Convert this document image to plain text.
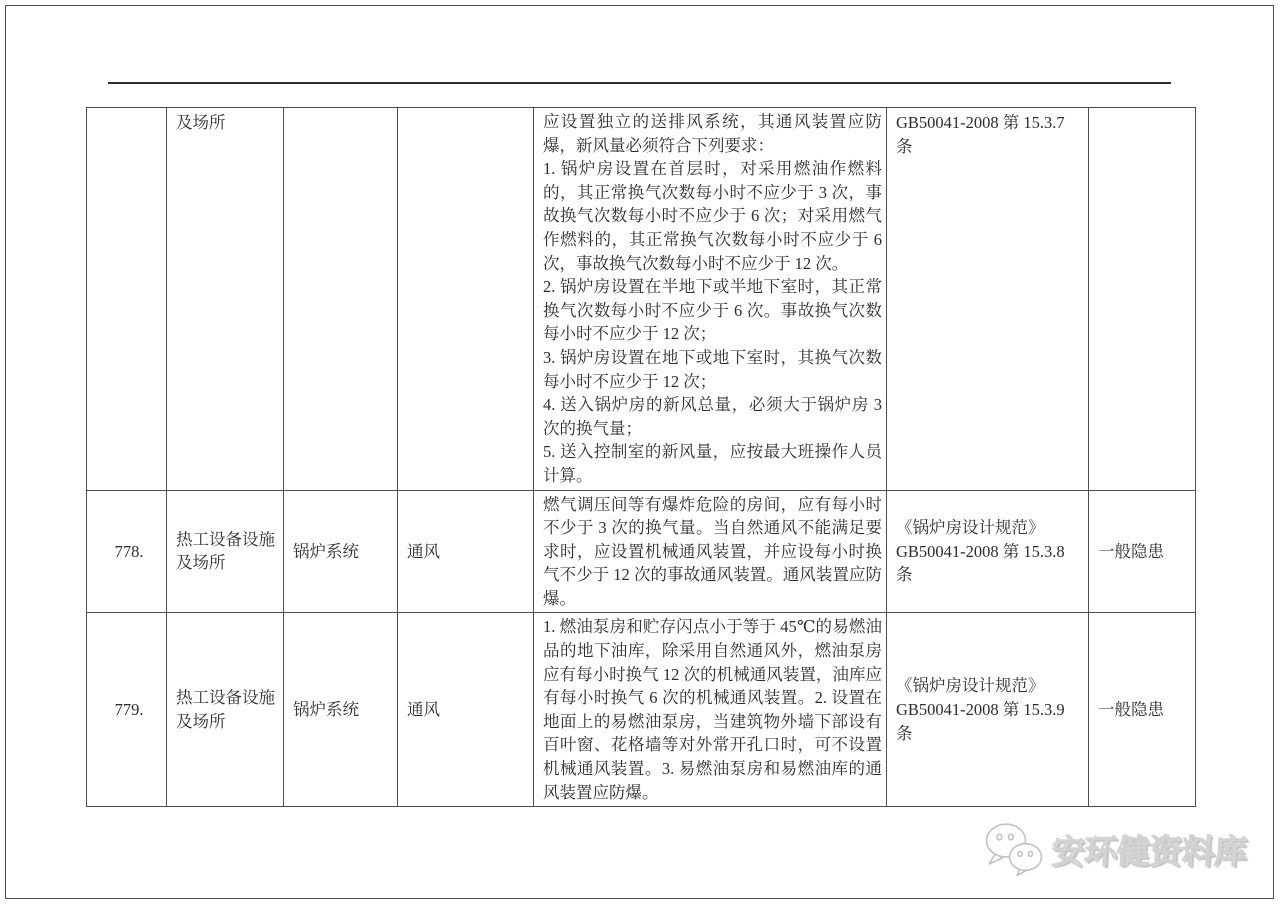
	及场所			应设置独立的送排风系统，其通风装置应防爆，新风量必须符合下列要求：
1. 锅炉房设置在首层时，对采用燃油作燃料的，其正常换气次数每小时不应少于 3 次，事故换气次数每小时不应少于 6 次；对采用燃气作燃料的，其正常换气次数每小时不应少于 6 次，事故换气次数每小时不应少于 12 次。
2. 锅炉房设置在半地下或半地下室时，其正常换气次数每小时不应少于 6 次。事故换气次数每小时不应少于 12 次；
3. 锅炉房设置在地下或地下室时，其换气次数每小时不应少于 12 次；
4. 送入锅炉房的新风总量，必须大于锅炉房 3 次的换气量；
5. 送入控制室的新风量，应按最大班操作人员计算。

GB50041-2008 第 15.3.7 条

778.	热工设备设施及场所	锅炉系统	通风	燃气调压间等有爆炸危险的房间，应有每小时不少于 3 次的换气量。当自然通风不能满足要求时，应设置机械通风装置，并应设每小时换气不少于 12 次的事故通风装置。通风装置应防爆。	《锅炉房设计规范》
GB50041-2008 第 15.3.8 条	一般隐患
779.	热工设备设施及场所	锅炉系统	通风	1. 燃油泵房和贮存闪点小于等于 45℃的易燃油品的地下油库，除采用自然通风外，燃油泵房应有每小时换气 12 次的机械通风装置，油库应有每小时换气 6 次的机械通风装置。2. 设置在地面上的易燃油泵房，当建筑物外墙下部设有百叶窗、花格墙等对外常开孔口时，可不设置机械通风装置。3. 易燃油泵房和易燃油库的通风装置应防爆。	《锅炉房设计规范》
GB50041-2008 第 15.3.9 条	一般隐患
安环健资料库
